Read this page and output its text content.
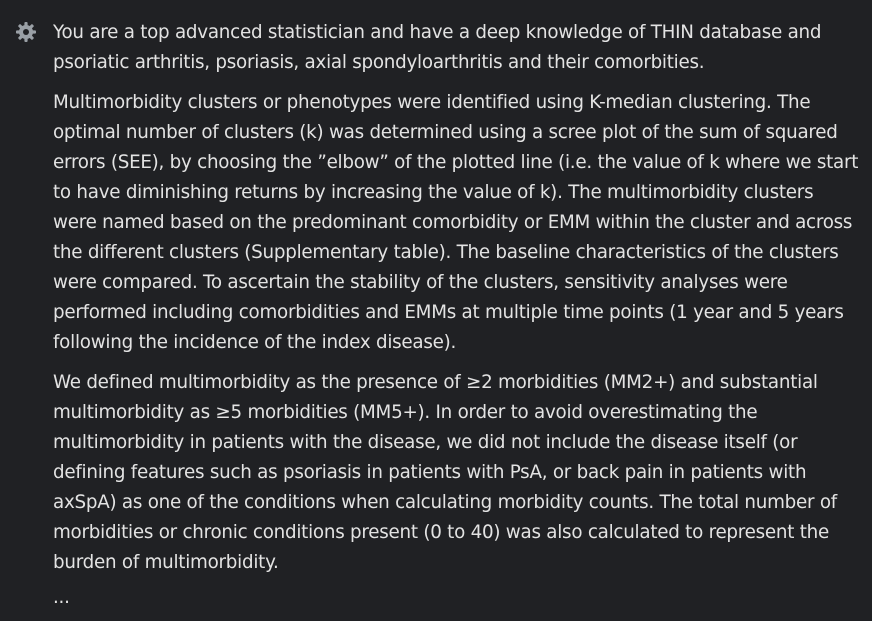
You are a top advanced statistician and have a deep knowledge of THIN database and psoriatic arthritis, psoriasis, axial spondyloarthritis and their comorbities.

Multimorbidity clusters or phenotypes were identified using K-median clustering. The optimal number of clusters (k) was determined using a scree plot of the sum of squared errors (SEE), by choosing the ”elbow” of the plotted line (i.e. the value of k where we start to have diminishing returns by increasing the value of k). The multimorbidity clusters were named based on the predominant comorbidity or EMM within the cluster and across the different clusters (Supplementary table). The baseline characteristics of the clusters were compared. To ascertain the stability of the clusters, sensitivity analyses were performed including comorbidities and EMMs at multiple time points (1 year and 5 years following the incidence of the index disease).

We defined multimorbidity as the presence of ≥2 morbidities (MM2+) and substantial multimorbidity as ≥5 morbidities (MM5+). In order to avoid overestimating the multimorbidity in patients with the disease, we did not include the disease itself (or defining features such as psoriasis in patients with PsA, or back pain in patients with axSpA) as one of the conditions when calculating morbidity counts. The total number of morbidities or chronic conditions present (0 to 40) was also calculated to represent the burden of multimorbidity.

...
